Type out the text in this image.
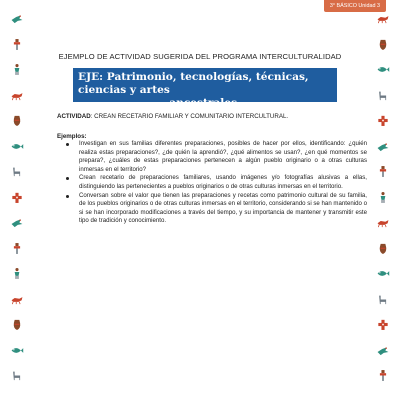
3° BÁSICO Unidad 3
EJEMPLO DE ACTIVIDAD SUGERIDA DEL PROGRAMA INTERCULTURALIDAD
EJE: Patrimonio, tecnologías, técnicas, ciencias y artes
ancestrales.
ACTIVIDAD: CREAN RECETARIO FAMILIAR Y COMUNITARIO INTERCULTURAL.
Ejemplos:
Investigan en sus familias diferentes preparaciones, posibles de hacer por ellos, identificando: ¿quién realiza estas preparaciones?, ¿de quién la aprendió?, ¿qué alimentos se usan?, ¿en qué momentos se prepara?, ¿cuáles de estas preparaciones pertenecen a algún pueblo originario o a otras culturas inmersas en el territorio?
Crean recetario de preparaciones familiares, usando imágenes y/o fotografías alusivas a ellas, distinguiendo las pertenecientes a pueblos originarios o de otras culturas inmersas en el territorio.
Conversan sobre el valor que tienen las preparaciones y recetas como patrimonio cultural de su familia, de los pueblos originarios o de otras culturas inmersas en el territorio, considerando si se han mantenido o si se han incorporado modificaciones a través del tiempo, y su importancia de mantener y transmitir este tipo de tradición y conocimiento.
